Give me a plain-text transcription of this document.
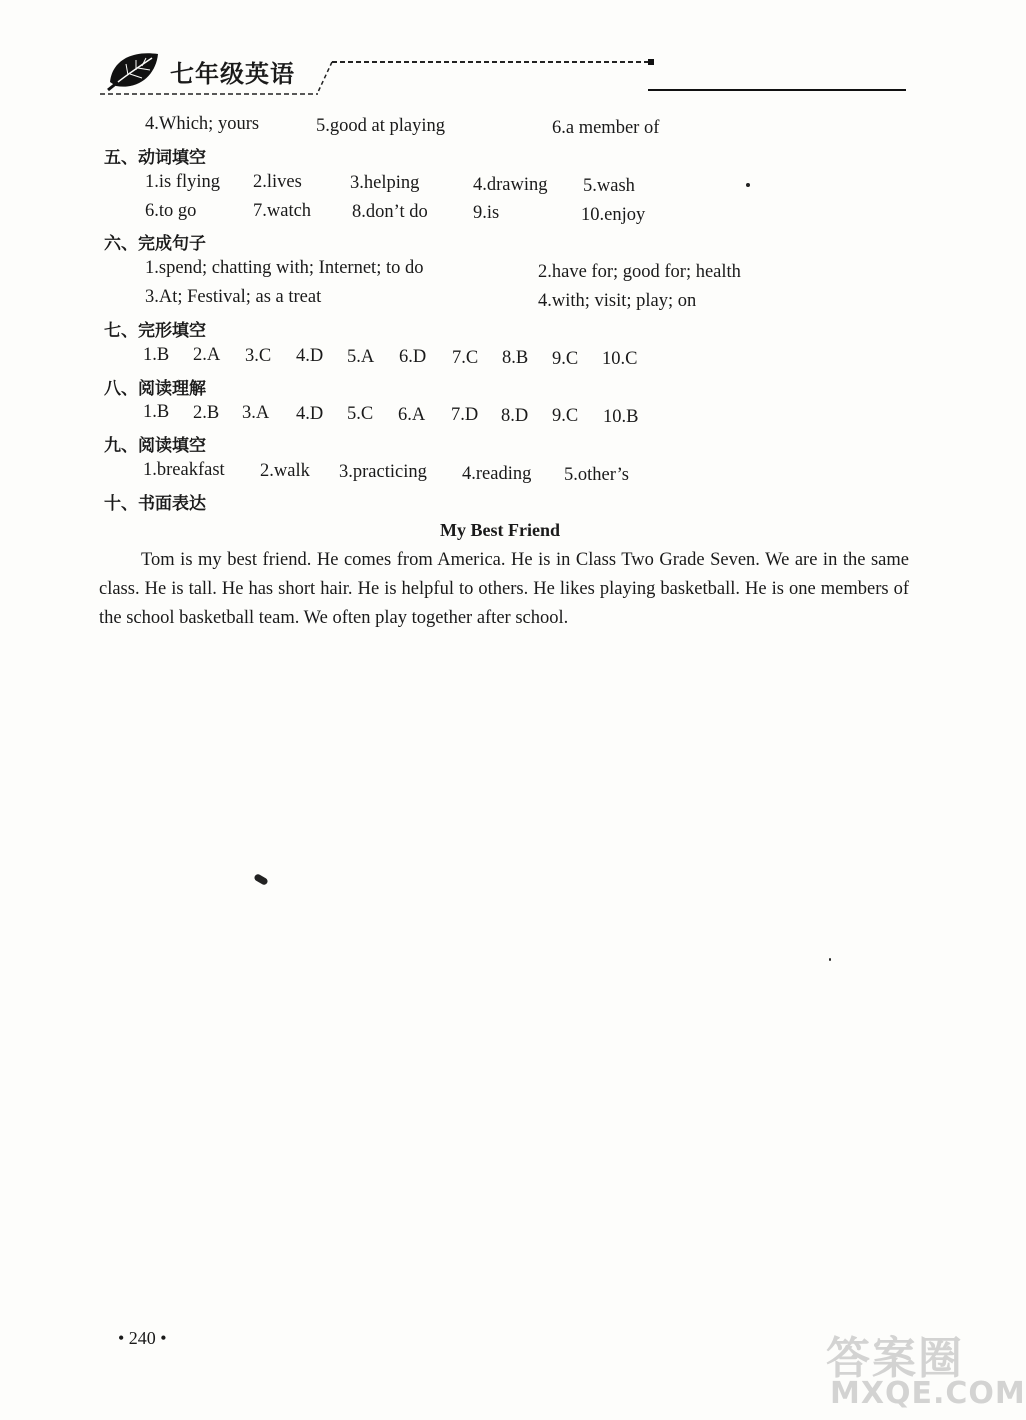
七年级英语
4.Which; yours	5.good at playing	6.a member of
五、动词填空
1.is flying 2.lives	3.helping	4.drawing 5.wash
6.to go	7.watch 8.don’t do 9.is	10.enjoy
六、完成句子
1.spend; chatting with; Internet; to do	2.have for; good for; health
3.At; Festival; as a treat	4.with; visit; play; on
七、完形填空
1.B 2.A 3.C 4.D 5.A 6.D 7.C 8.B 9.C 10.C
八、阅读理解
1.B 2.B 3.A 4.D 5.C 6.A 7.D 8.D 9.C 10.B
九、阅读填空
1.breakfast 2.walk 3.practicing 4.reading 5.other’s
十、书面表达
My Best Friend
Tom is my best friend. He comes from America. He is in Class Two Grade Seven. We are in the same class. He is tall. He has short hair. He is helpful to others. He likes playing basketball. He is one members of the school basketball team. We often play together after school.
• 240 •	答案圈
MXQE.COM
